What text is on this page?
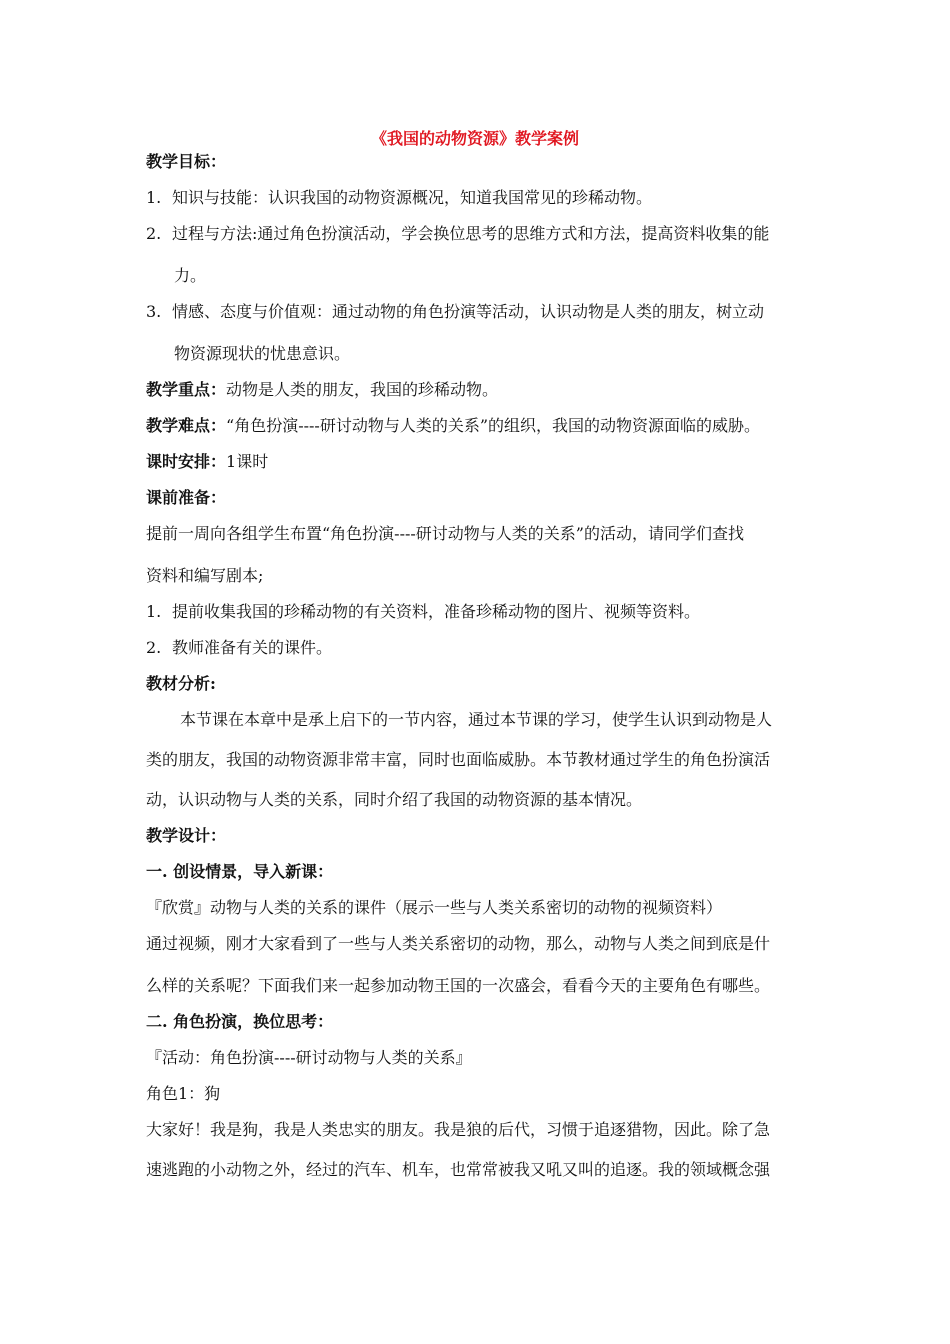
《我国的动物资源》教学案例
教学目标：
1. 知识与技能：认识我国的动物资源概况，知道我国常见的珍稀动物。
2. 过程与方法:通过角色扮演活动，学会换位思考的思维方式和方法，提高资料收集的能
力。
3. 情感、态度与价值观：通过动物的角色扮演等活动，认识动物是人类的朋友，树立动
物资源现状的忧患意识。
教学重点：动物是人类的朋友，我国的珍稀动物。
教学难点：“角色扮演----研讨动物与人类的关系”的组织，我国的动物资源面临的威胁。
课时安排：1课时
课前准备：
提前一周向各组学生布置“角色扮演----研讨动物与人类的关系”的活动，请同学们查找
资料和编写剧本;
1. 提前收集我国的珍稀动物的有关资料，准备珍稀动物的图片、视频等资料。
2. 教师准备有关的课件。
教材分析:
本节课在本章中是承上启下的一节内容，通过本节课的学习，使学生认识到动物是人
类的朋友，我国的动物资源非常丰富，同时也面临威胁。本节教材通过学生的角色扮演活
动，认识动物与人类的关系，同时介绍了我国的动物资源的基本情况。
教学设计：
一. 创设情景，导入新课：
『欣赏』动物与人类的关系的课件（展示一些与人类关系密切的动物的视频资料）
通过视频，刚才大家看到了一些与人类关系密切的动物，那么，动物与人类之间到底是什
么样的关系呢？下面我们来一起参加动物王国的一次盛会，看看今天的主要角色有哪些。
二. 角色扮演，换位思考：
『活动：角色扮演----研讨动物与人类的关系』
角色1：狗
大家好！我是狗，我是人类忠实的朋友。我是狼的后代，习惯于追逐猎物，因此。除了急
速逃跑的小动物之外，经过的汽车、机车，也常常被我又吼又叫的追逐。我的领域概念强
